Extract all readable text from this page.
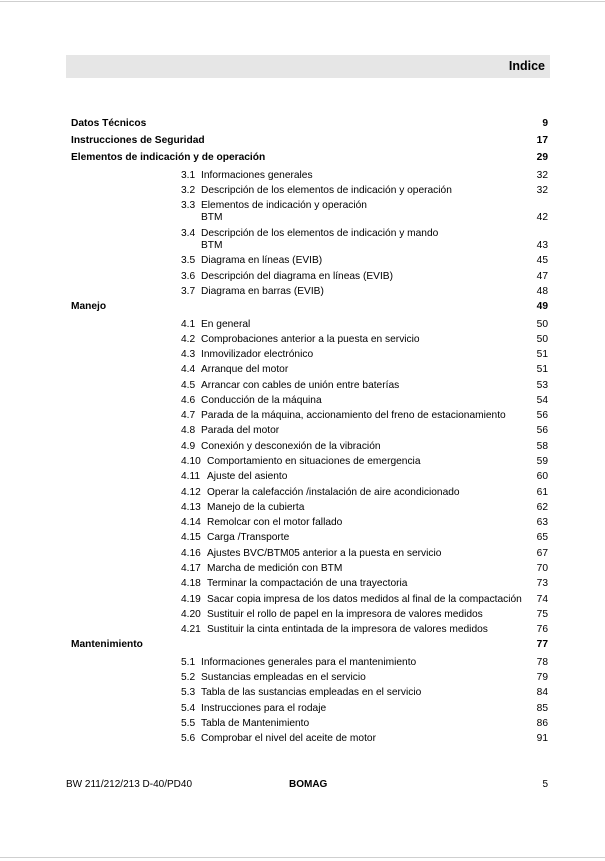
Indice
Datos Técnicos	9
Instrucciones de Seguridad	17
Elementos de indicación y de operación	29
3.1 Informaciones generales	32
3.2 Descripción de los elementos de indicación y operación	32
3.3 Elementos de indicación y operación
BTM	42
3.4 Descripción de los elementos de indicación y mando
BTM	43
3.5 Diagrama en líneas (EVIB)	45
3.6 Descripción del diagrama en líneas (EVIB)	47
3.7 Diagrama en barras (EVIB)	48
Manejo	49
4.1 En general	50
4.2 Comprobaciones anterior a la puesta en servicio	50
4.3 Inmovilizador electrónico	51
4.4 Arranque del motor	51
4.5 Arrancar con cables de unión entre baterías	53
4.6 Conducción de la máquina	54
4.7 Parada de la máquina, accionamiento del freno de estacionamiento	56
4.8 Parada del motor	56
4.9 Conexión y desconexión de la vibración	58
4.10 Comportamiento en situaciones de emergencia	59
4.11 Ajuste del asiento	60
4.12 Operar la calefacción /instalación de aire acondicionado	61
4.13 Manejo de la cubierta	62
4.14 Remolcar con el motor fallado	63
4.15 Carga /Transporte	65
4.16 Ajustes BVC/BTM05 anterior a la puesta en servicio	67
4.17 Marcha de medición con BTM	70
4.18 Terminar la compactación de una trayectoria	73
4.19 Sacar copia impresa de los datos medidos al final de la compactación	74
4.20 Sustituir el rollo de papel en la impresora de valores medidos	75
4.21 Sustituir la cinta entintada de la impresora de valores medidos	76
Mantenimiento	77
5.1 Informaciones generales para el mantenimiento	78
5.2 Sustancias empleadas en el servicio	79
5.3 Tabla de las sustancias empleadas en el servicio	84
5.4 Instrucciones para el rodaje	85
5.5 Tabla de Mantenimiento	86
5.6 Comprobar el nivel del aceite de motor	91
BW 211/212/213 D-40/PD40	BOMAG	5
